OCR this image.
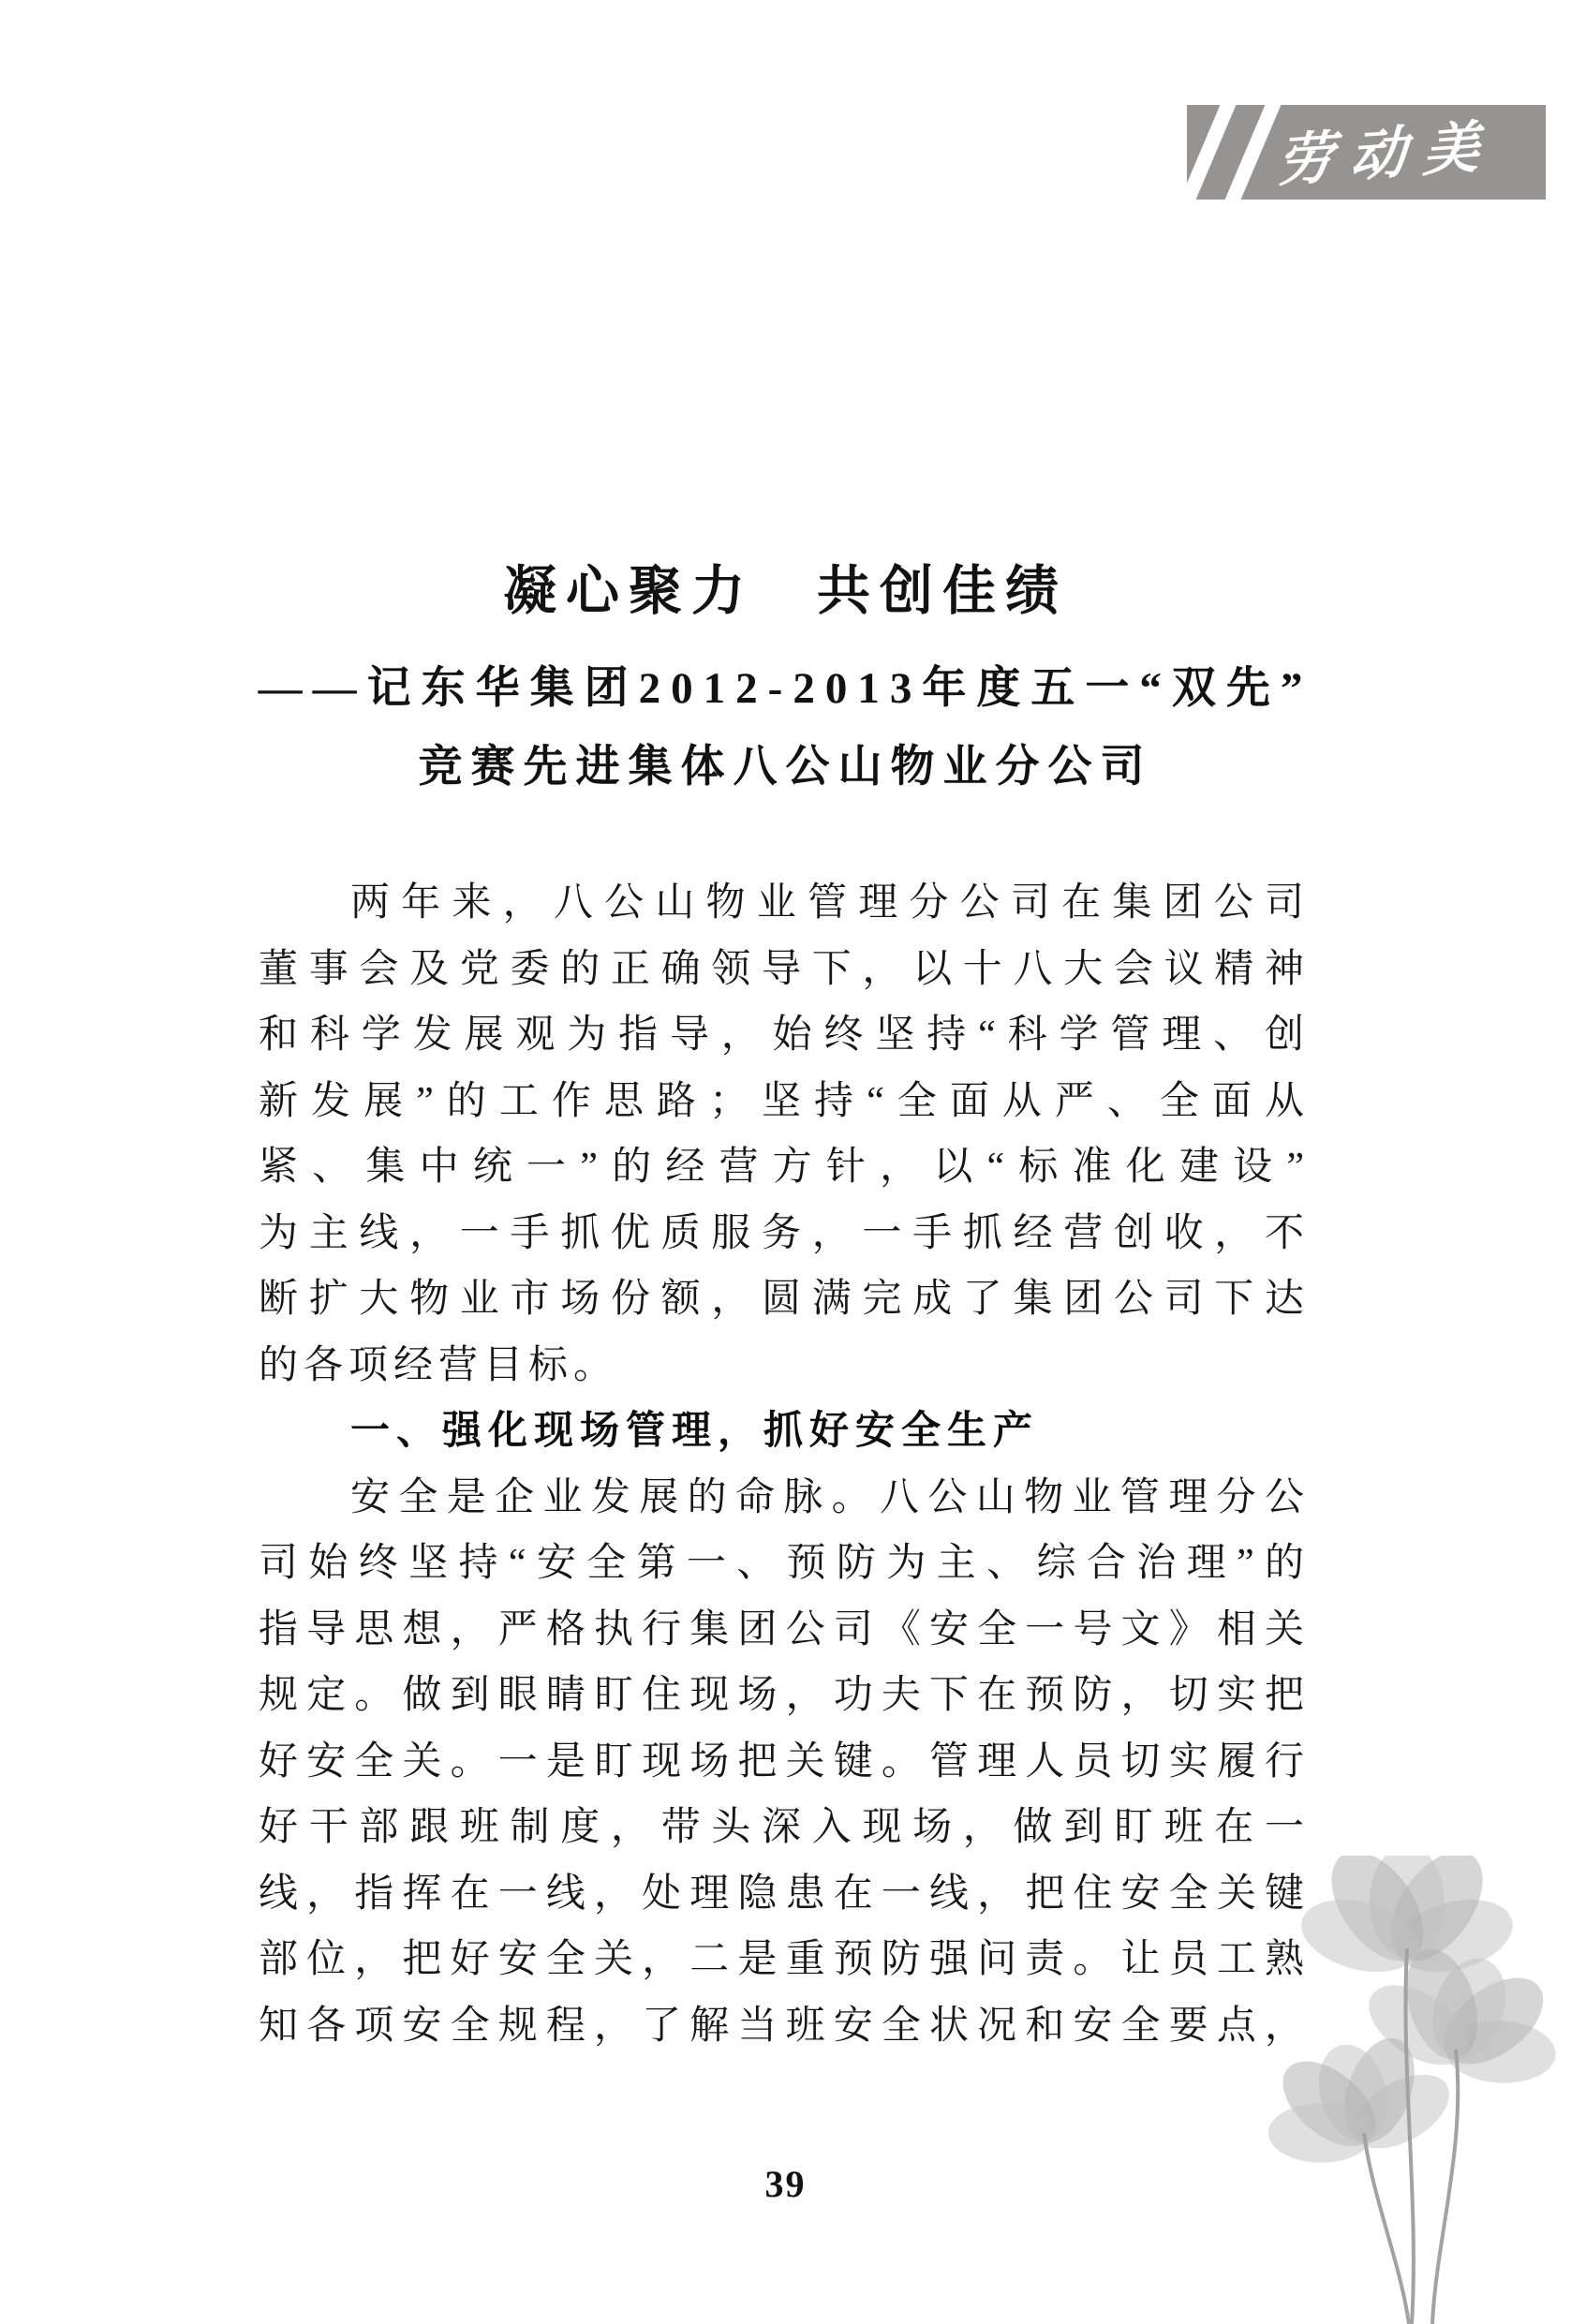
劳动美
凝心聚力　共创佳绩
——记东华集团2012-2013年度五一“双先”
竞赛先进集体八公山物业分公司
两年来，八公山物业管理分公司在集团公司
董事会及党委的正确领导下，以十八大会议精神
和科学发展观为指导，始终坚持“科学管理、创
新发展”的工作思路；坚持“全面从严、全面从
紧、集中统一”的经营方针，以“标准化建设”
为主线，一手抓优质服务，一手抓经营创收，不
断扩大物业市场份额，圆满完成了集团公司下达
的各项经营目标。
一、强化现场管理，抓好安全生产
安全是企业发展的命脉。八公山物业管理分公
司始终坚持“安全第一、预防为主、综合治理”的
指导思想，严格执行集团公司《安全一号文》相关
规定。做到眼睛盯住现场，功夫下在预防，切实把
好安全关。一是盯现场把关键。管理人员切实履行
好干部跟班制度，带头深入现场，做到盯班在一
线，指挥在一线，处理隐患在一线，把住安全关键
部位，把好安全关，二是重预防强问责。让员工熟
知各项安全规程，了解当班安全状况和安全要点，
39
